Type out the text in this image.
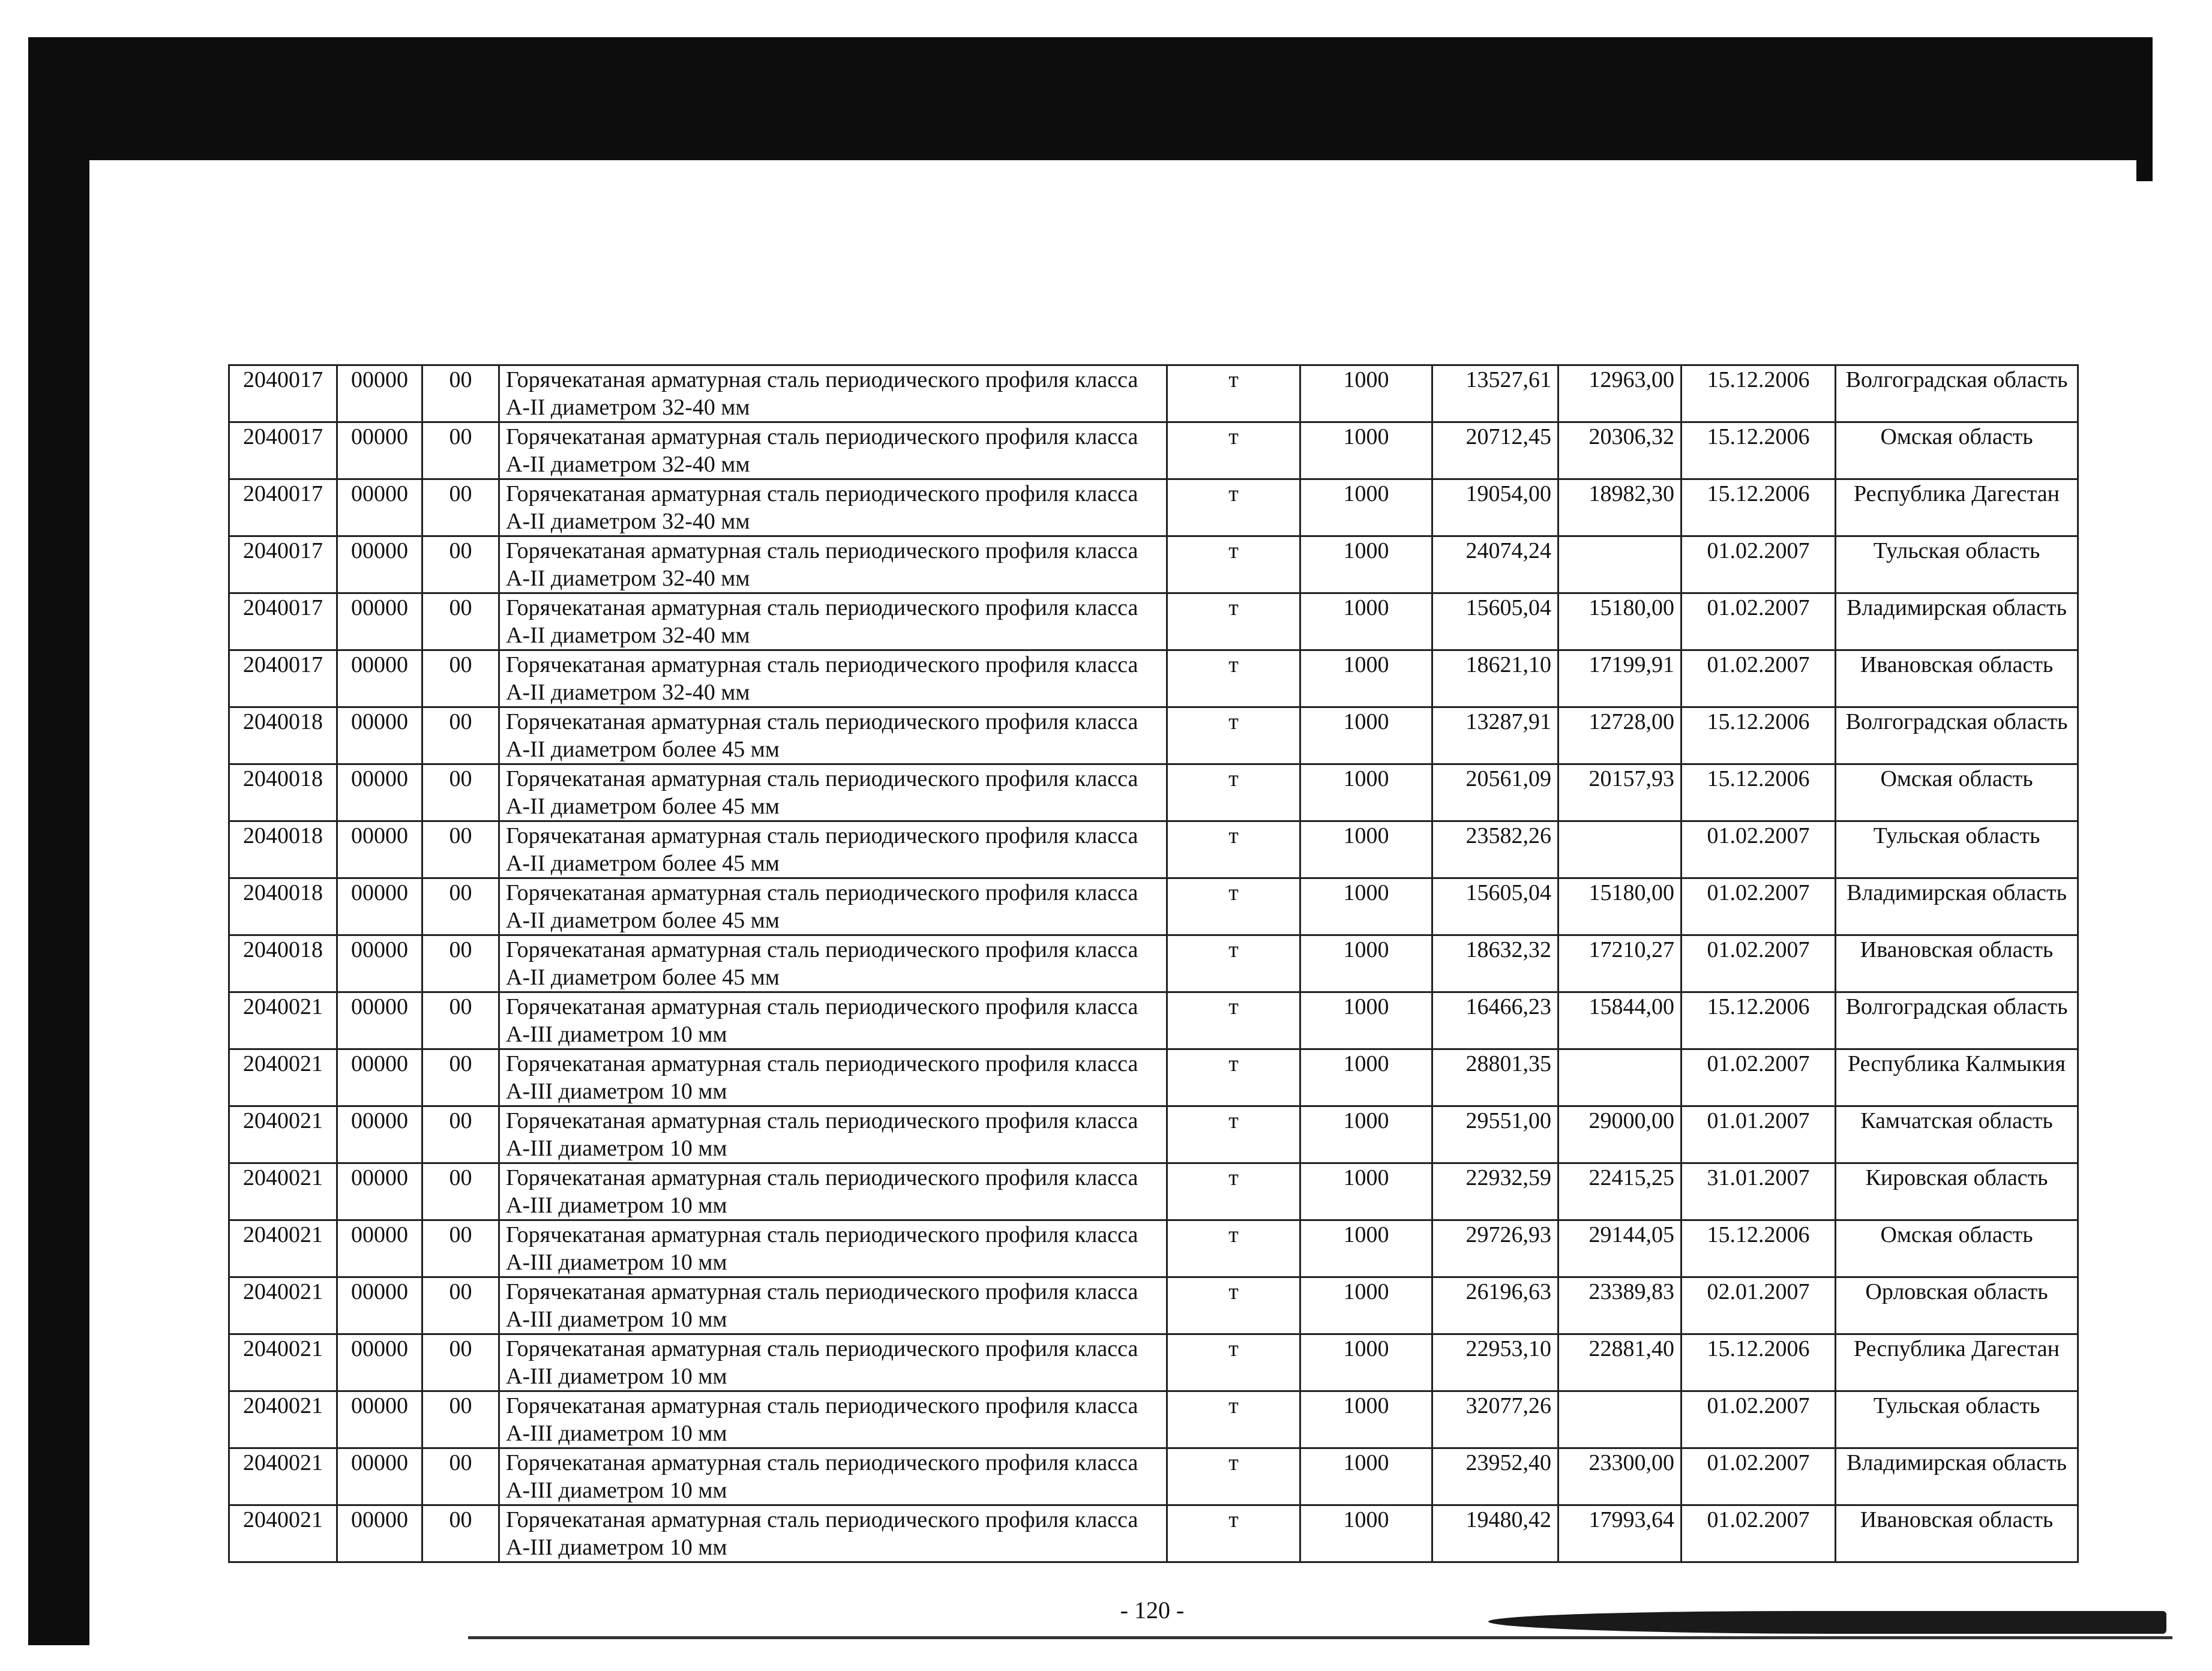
2040017	00000	00	Горячекатаная арматурная сталь периодического профиля класса А-II диаметром 32-40 мм	т	1000	13527,61	12963,00	15.12.2006	Волгоградская область
2040017	00000	00	Горячекатаная арматурная сталь периодического профиля класса А-II диаметром 32-40 мм	т	1000	20712,45	20306,32	15.12.2006	Омская область
2040017	00000	00	Горячекатаная арматурная сталь периодического профиля класса А-II диаметром 32-40 мм	т	1000	19054,00	18982,30	15.12.2006	Республика Дагестан
2040017	00000	00	Горячекатаная арматурная сталь периодического профиля класса А-II диаметром 32-40 мм	т	1000	24074,24		01.02.2007	Тульская область
2040017	00000	00	Горячекатаная арматурная сталь периодического профиля класса А-II диаметром 32-40 мм	т	1000	15605,04	15180,00	01.02.2007	Владимирская область
2040017	00000	00	Горячекатаная арматурная сталь периодического профиля класса А-II диаметром 32-40 мм	т	1000	18621,10	17199,91	01.02.2007	Ивановская область
2040018	00000	00	Горячекатаная арматурная сталь периодического профиля класса А-II диаметром более 45 мм	т	1000	13287,91	12728,00	15.12.2006	Волгоградская область
2040018	00000	00	Горячекатаная арматурная сталь периодического профиля класса А-II диаметром более 45 мм	т	1000	20561,09	20157,93	15.12.2006	Омская область
2040018	00000	00	Горячекатаная арматурная сталь периодического профиля класса А-II диаметром более 45 мм	т	1000	23582,26		01.02.2007	Тульская область
2040018	00000	00	Горячекатаная арматурная сталь периодического профиля класса А-II диаметром более 45 мм	т	1000	15605,04	15180,00	01.02.2007	Владимирская область
2040018	00000	00	Горячекатаная арматурная сталь периодического профиля класса А-II диаметром более 45 мм	т	1000	18632,32	17210,27	01.02.2007	Ивановская область
2040021	00000	00	Горячекатаная арматурная сталь периодического профиля класса А-III диаметром 10 мм	т	1000	16466,23	15844,00	15.12.2006	Волгоградская область
2040021	00000	00	Горячекатаная арматурная сталь периодического профиля класса А-III диаметром 10 мм	т	1000	28801,35		01.02.2007	Республика Калмыкия
2040021	00000	00	Горячекатаная арматурная сталь периодического профиля класса А-III диаметром 10 мм	т	1000	29551,00	29000,00	01.01.2007	Камчатская область
2040021	00000	00	Горячекатаная арматурная сталь периодического профиля класса А-III диаметром 10 мм	т	1000	22932,59	22415,25	31.01.2007	Кировская область
2040021	00000	00	Горячекатаная арматурная сталь периодического профиля класса А-III диаметром 10 мм	т	1000	29726,93	29144,05	15.12.2006	Омская область
2040021	00000	00	Горячекатаная арматурная сталь периодического профиля класса А-III диаметром 10 мм	т	1000	26196,63	23389,83	02.01.2007	Орловская область
2040021	00000	00	Горячекатаная арматурная сталь периодического профиля класса А-III диаметром 10 мм	т	1000	22953,10	22881,40	15.12.2006	Республика Дагестан
2040021	00000	00	Горячекатаная арматурная сталь периодического профиля класса А-III диаметром 10 мм	т	1000	32077,26		01.02.2007	Тульская область
2040021	00000	00	Горячекатаная арматурная сталь периодического профиля класса А-III диаметром 10 мм	т	1000	23952,40	23300,00	01.02.2007	Владимирская область
2040021	00000	00	Горячекатаная арматурная сталь периодического профиля класса А-III диаметром 10 мм	т	1000	19480,42	17993,64	01.02.2007	Ивановская область
- 120 -
